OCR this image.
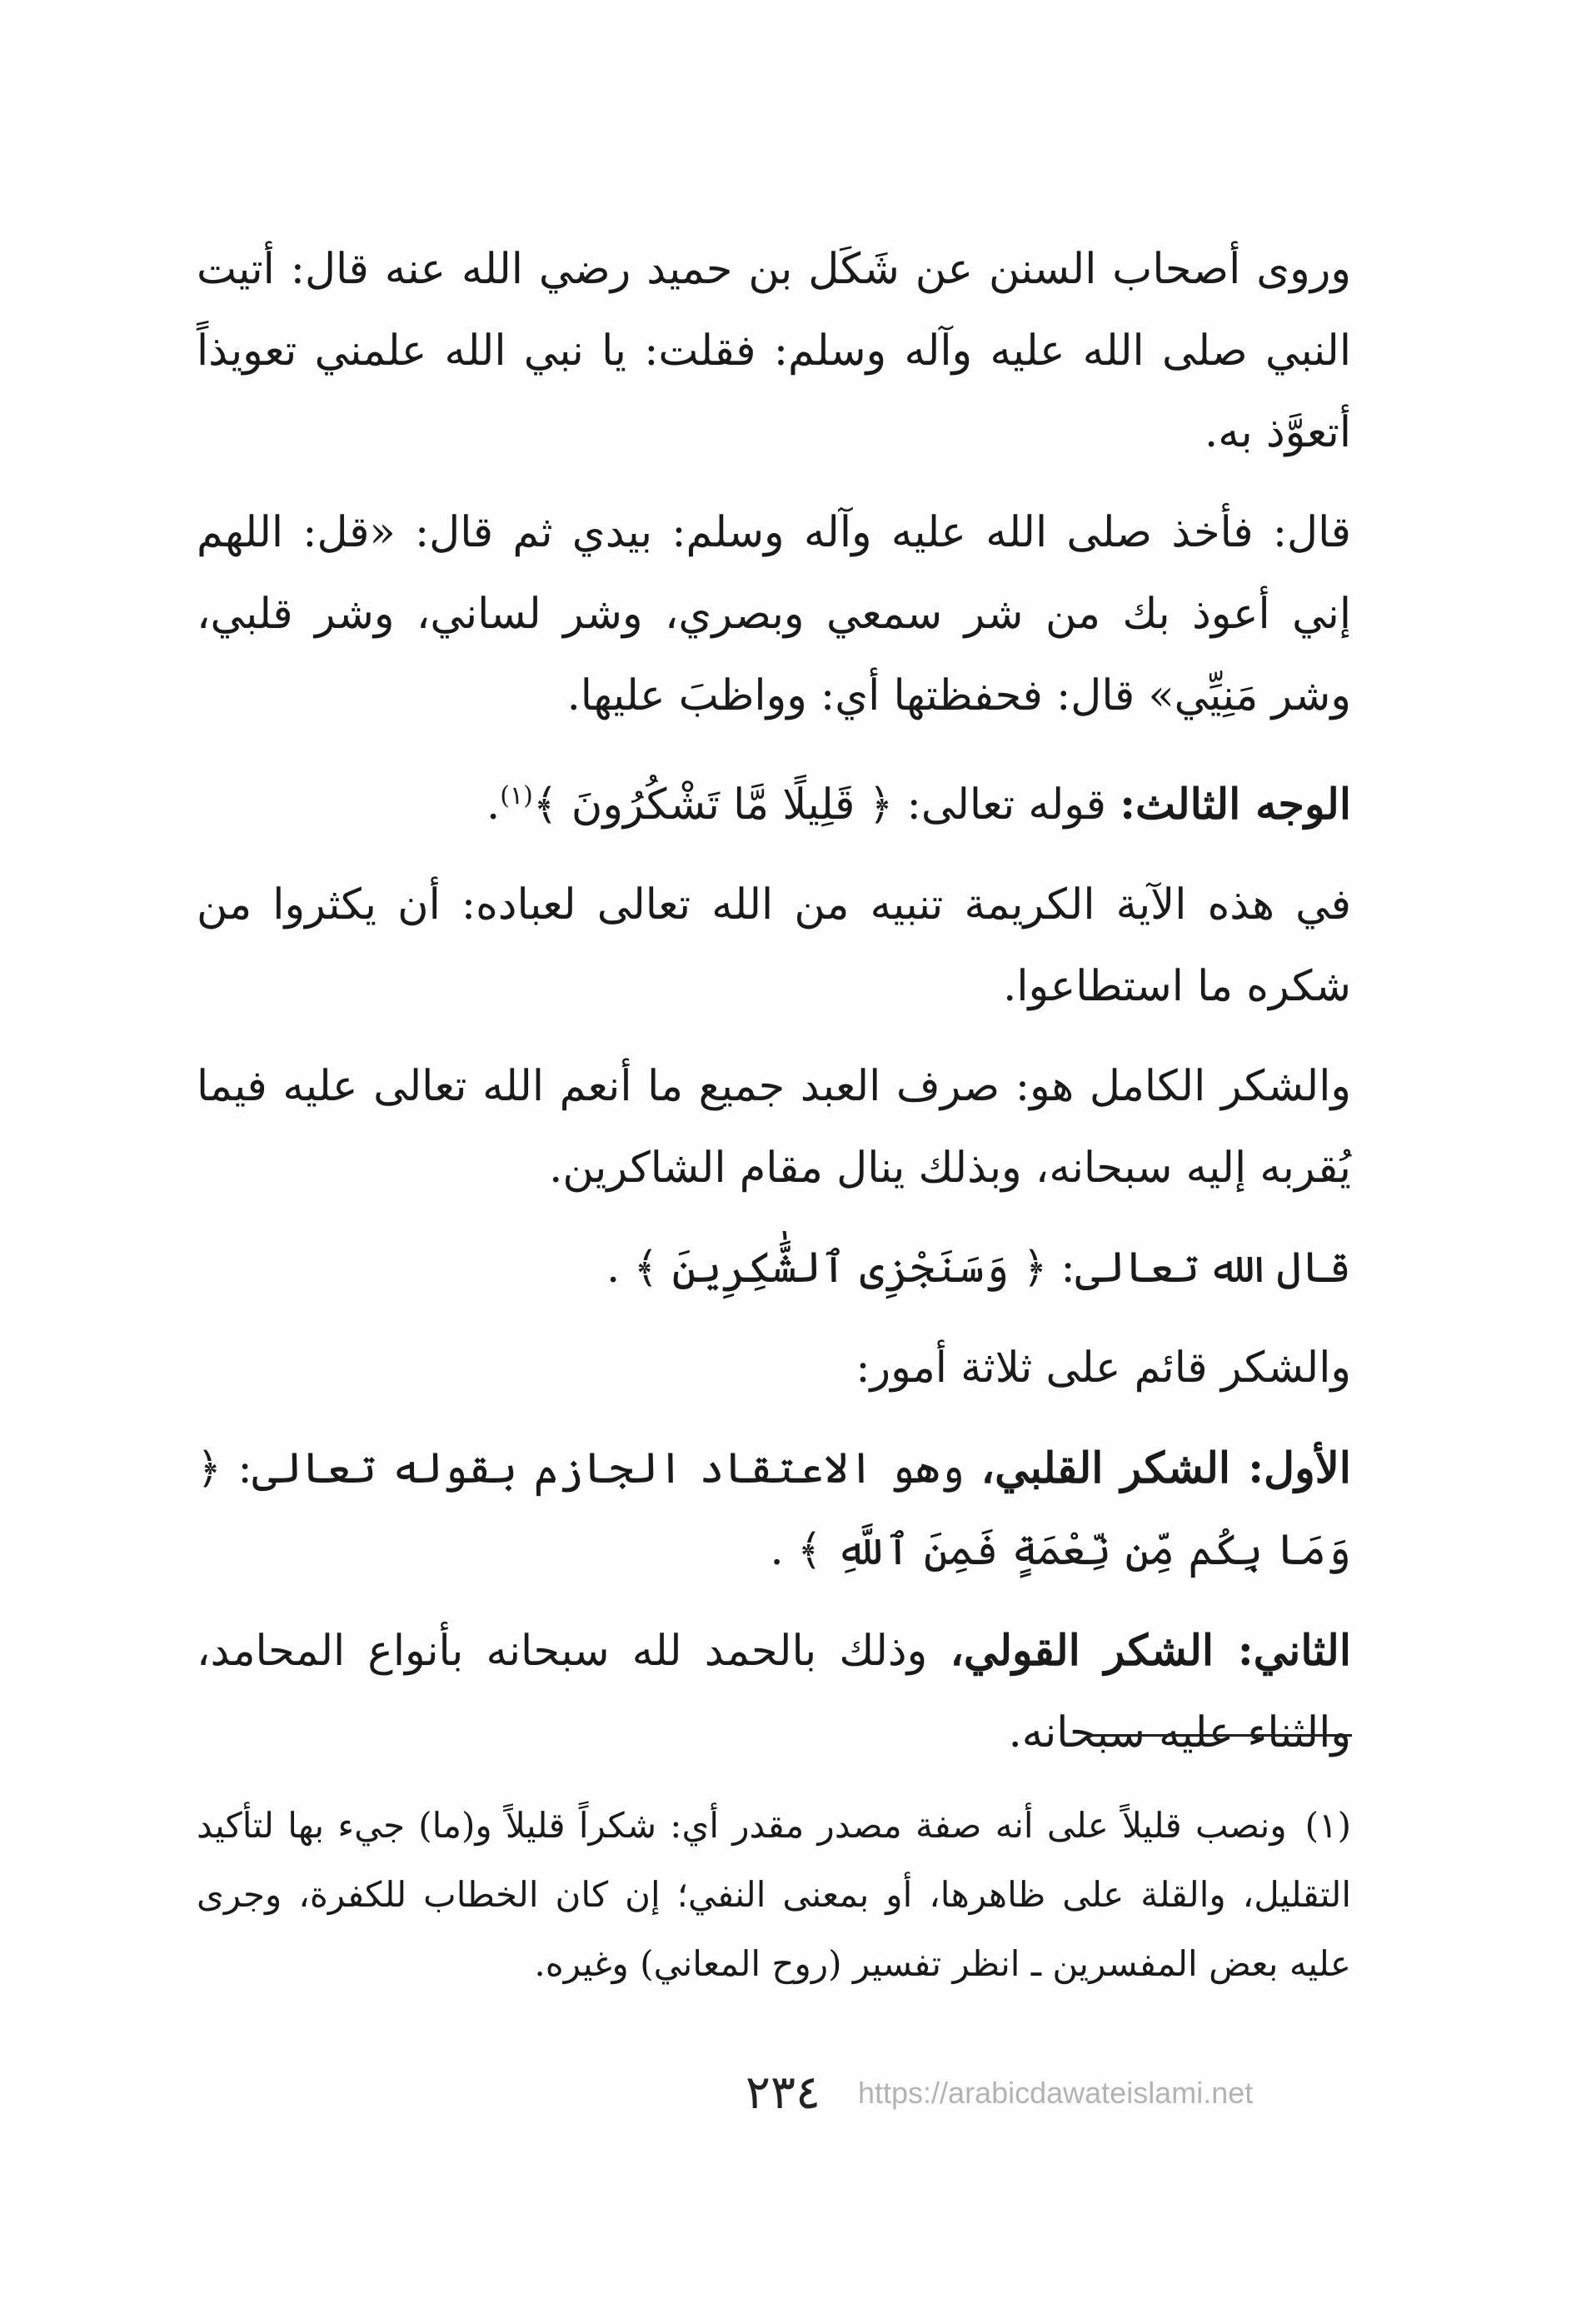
وروى أصحاب السنن عن شَكَل بن حميد رضي الله عنه قال: أتيت النبي صلى الله عليه وآله وسلم: فقلت: يا نبي الله علمني تعويذاً أتعوَّذ به.

قال: فأخذ صلى الله عليه وآله وسلم: بيدي ثم قال: «قل: اللهم إني أعوذ بك من شر سمعي وبصري، وشر لساني، وشر قلبي، وشر مَنِيِّي» قال: فحفظتها أي: وواظبَ عليها.

الوجه الثالث: قوله تعالى: ﴿ قَلِيلًا مَّا تَشْكُرُونَ ﴾$^{(١)}$.

في هذه الآية الكريمة تنبيه من الله تعالى لعباده: أن يكثروا من شكره ما استطاعوا.

والشكر الكامل هو: صرف العبد جميع ما أنعم الله تعالى عليه فيما يُقربه إليه سبحانه، وبذلك ينال مقام الشاكرين.

قال الله تعالى: ﴿ وَسَنَجْزِى ٱلشَّٰكِرِينَ ﴾ .

والشكر قائم على ثلاثة أمور:

الأول: الشكر القلبي، وهو الاعتقاد الجازم بقوله تعالى: ﴿ وَمَا بِكُم مِّن نِّعْمَةٍ فَمِنَ ٱللَّهِ ﴾ .

الثاني: الشكر القولي، وذلك بالحمد لله سبحانه بأنواع المحامد، والثناء عليه سبحانه.

(١)ونصب قليلاً على أنه صفة مصدر مقدر أي: شكراً قليلاً و(ما) جيء بها لتأكيد التقليل، والقلة على ظاهرها، أو بمعنى النفي؛ إن كان الخطاب للكفرة، وجرى عليه بعض المفسرين ـ انظر تفسير (روح المعاني) وغيره.
٢٣٤	https://arabicdawateislami.net
